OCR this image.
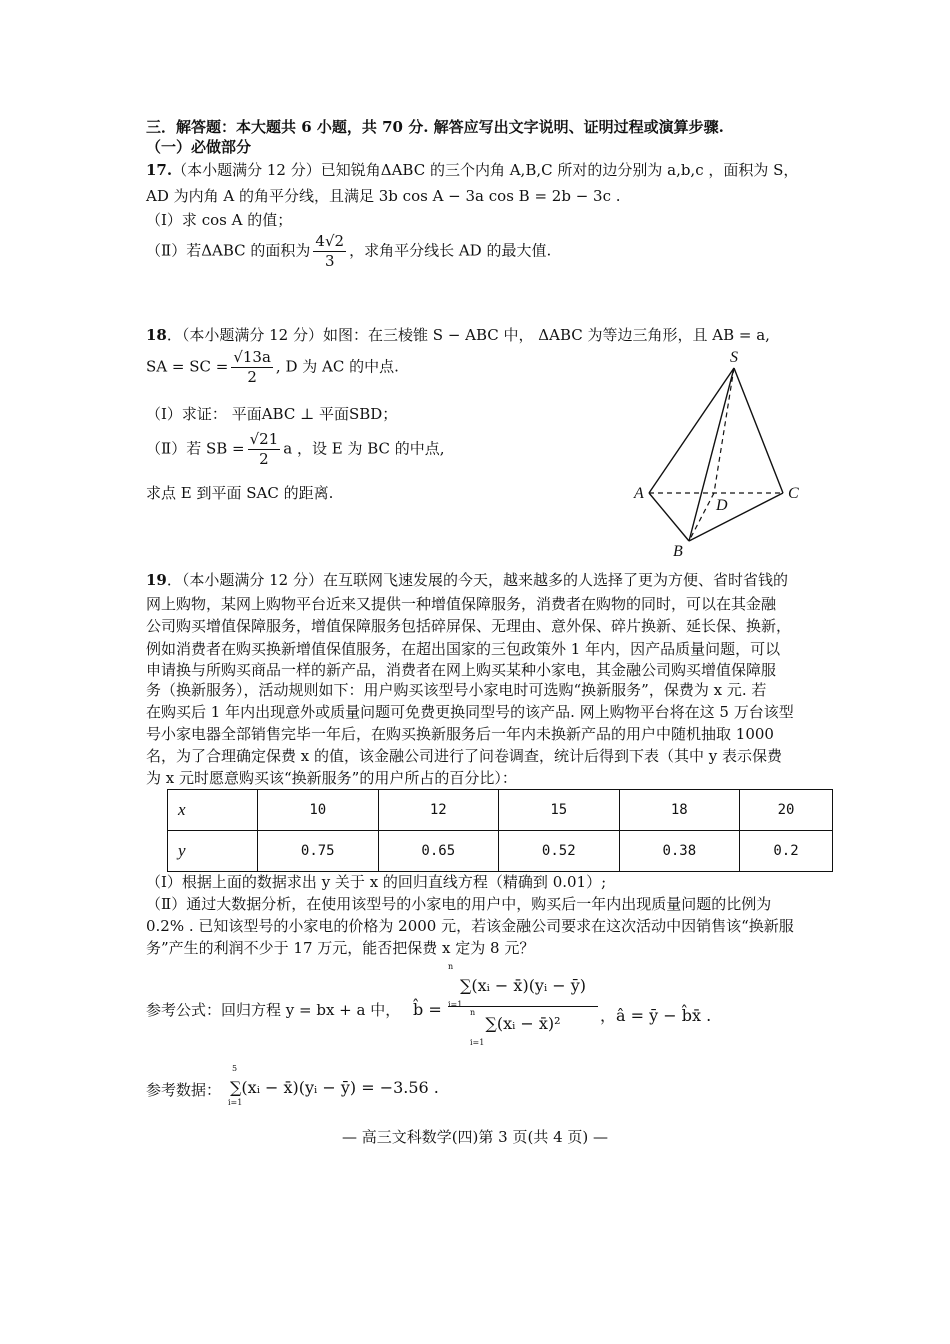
三．解答题：本大题共 6 小题，共 70 分. 解答应写出文字说明、证明过程或演算步骤.
（一）必做部分
17.（本小题满分 12 分）已知锐角ΔABC 的三个内角 A,B,C 所对的边分别为 a,b,c ，面积为 S，
AD 为内角 A 的角平分线，且满足 3b cos A − 3a cos B = 2b − 3c .
（Ⅰ）求 cos A 的值；
（Ⅱ）若ΔABC 的面积为 $\frac{4√2}{3}$ ，求角平分线长 AD 的最大值.
18．（本小题满分 12 分）如图：在三棱锥 S − ABC 中， ΔABC 为等边三角形，且 AB = a,
SA = SC = $\frac{√13a}{2}$ , D 为 AC 的中点.
（Ⅰ）求证： 平面ABC ⊥ 平面SBD；
（Ⅱ）若 SB = $\frac{√21}{2}$ a ，设 E 为 BC 的中点,
求点 E 到平面 SAC 的距离.
S
A	C
B
D
19．（本小题满分 12 分）在互联网飞速发展的今天，越来越多的人选择了更为方便、省时省钱的
网上购物，某网上购物平台近来又提供一种增值保障服务，消费者在购物的同时，可以在其金融
公司购买增值保障服务，增值保障服务包括碎屏保、无理由、意外保、碎片换新、延长保、换新，
例如消费者在购买换新增值保值服务，在超出国家的三包政策外 1 年内，因产品质量问题，可以
申请换与所购买商品一样的新产品，消费者在网上购买某种小家电，其金融公司购买增值保障服
务（换新服务），活动规则如下：用户购买该型号小家电时可选购“换新服务”，保费为 x 元. 若
在购买后 1 年内出现意外或质量问题可免费更换同型号的该产品. 网上购物平台将在这 5 万台该型
号小家电器全部销售完毕一年后，在购买换新服务后一年内未换新产品的用户中随机抽取 1000
名，为了合理确定保费 x 的值，该金融公司进行了问卷调查，统计后得到下表（其中 y 表示保费
为 x 元时愿意购买该“换新服务”的用户所占的百分比）：
x	10	12	15	18	20
y	0.75	0.65	0.52	0.38	0.2
（Ⅰ）根据上面的数据求出 y 关于 x 的回归直线方程（精确到 0.01）;
（Ⅱ）通过大数据分析，在使用该型号的小家电的用户中，购买后一年内出现质量问题的比例为
0.2% . 已知该型号的小家电的价格为 2000 元，若该金融公司要求在这次活动中因销售该“换新服
务”产生的利润不少于 17 万元，能否把保费 x 定为 8 元？
参考公式：回归方程 y = bx + a 中， b̂ =
n
i=1
∑(xᵢ − x̄)(yᵢ − ȳ)
n
∑(xᵢ − x̄)²
i=1
，â = ȳ − b̂x̄ .
参考数据：
5
i=1
∑(xᵢ − x̄)(yᵢ − ȳ) = −3.56 .
— 高三文科数学(四)第 3 页(共 4 页) —
